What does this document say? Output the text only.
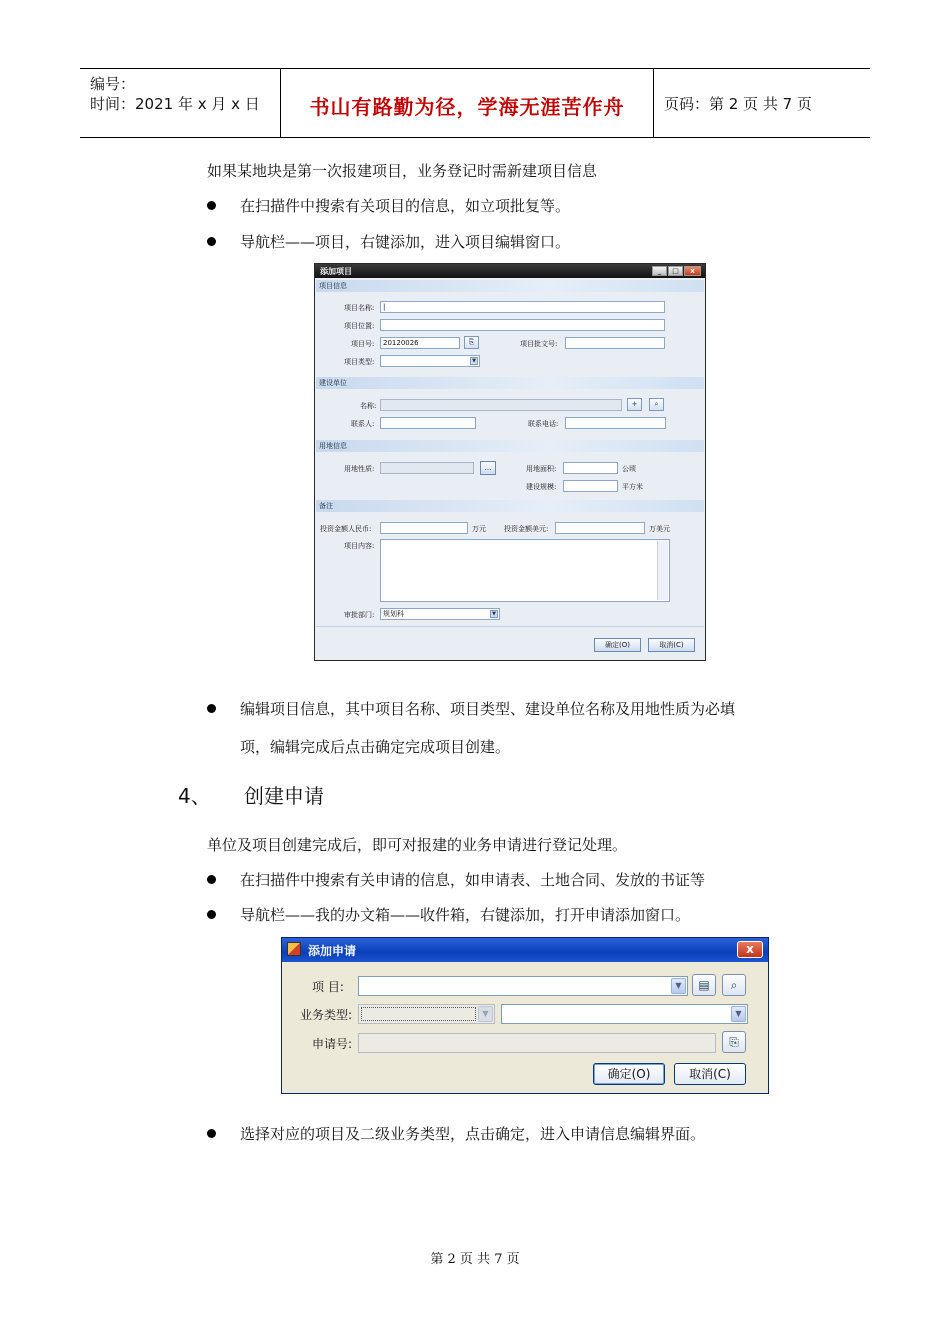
编号：
时间：2021 年 x 月 x 日	书山有路勤为径，学海无涯苦作舟	页码：第 2 页 共 7 页
如果某地块是第一次报建项目，业务登记时需新建项目信息
在扫描件中搜索有关项目的信息，如立项批复等。
导航栏——项目，右键添加，进入项目编辑窗口。
添加项目	_	□	x
项目信息
项目名称:	|
项目位置:
项目号:	20120026	⎘	项目批文号:
项目类型:	▼
建设单位
名称:	+	⌕
联系人:	联系电话:
用地信息
用地性质:	...	用地面积:	公顷
建设规模:	平方米
备注
投资金额人民币:	万元	投资金额美元:	万美元
项目内容:
审批部门:	规划科	▼
确定(O)	取消(C)
编辑项目信息，其中项目名称、项目类型、建设单位名称及用地性质为必填
项，编辑完成后点击确定完成项目创建。
4、 创建申请
单位及项目创建完成后，即可对报建的业务申请进行登记处理。
在扫描件中搜索有关申请的信息，如申请表、土地合同、发放的书证等
导航栏——我的办文箱——收件箱，右键添加，打开申请添加窗口。
添加申请	x
项 目:	▼	▤	⌕
业务类型:	▼	▼
申请号:	⎘
确定(O)	取消(C)
选择对应的项目及二级业务类型，点击确定，进入申请信息编辑界面。
第 2 页 共 7 页
